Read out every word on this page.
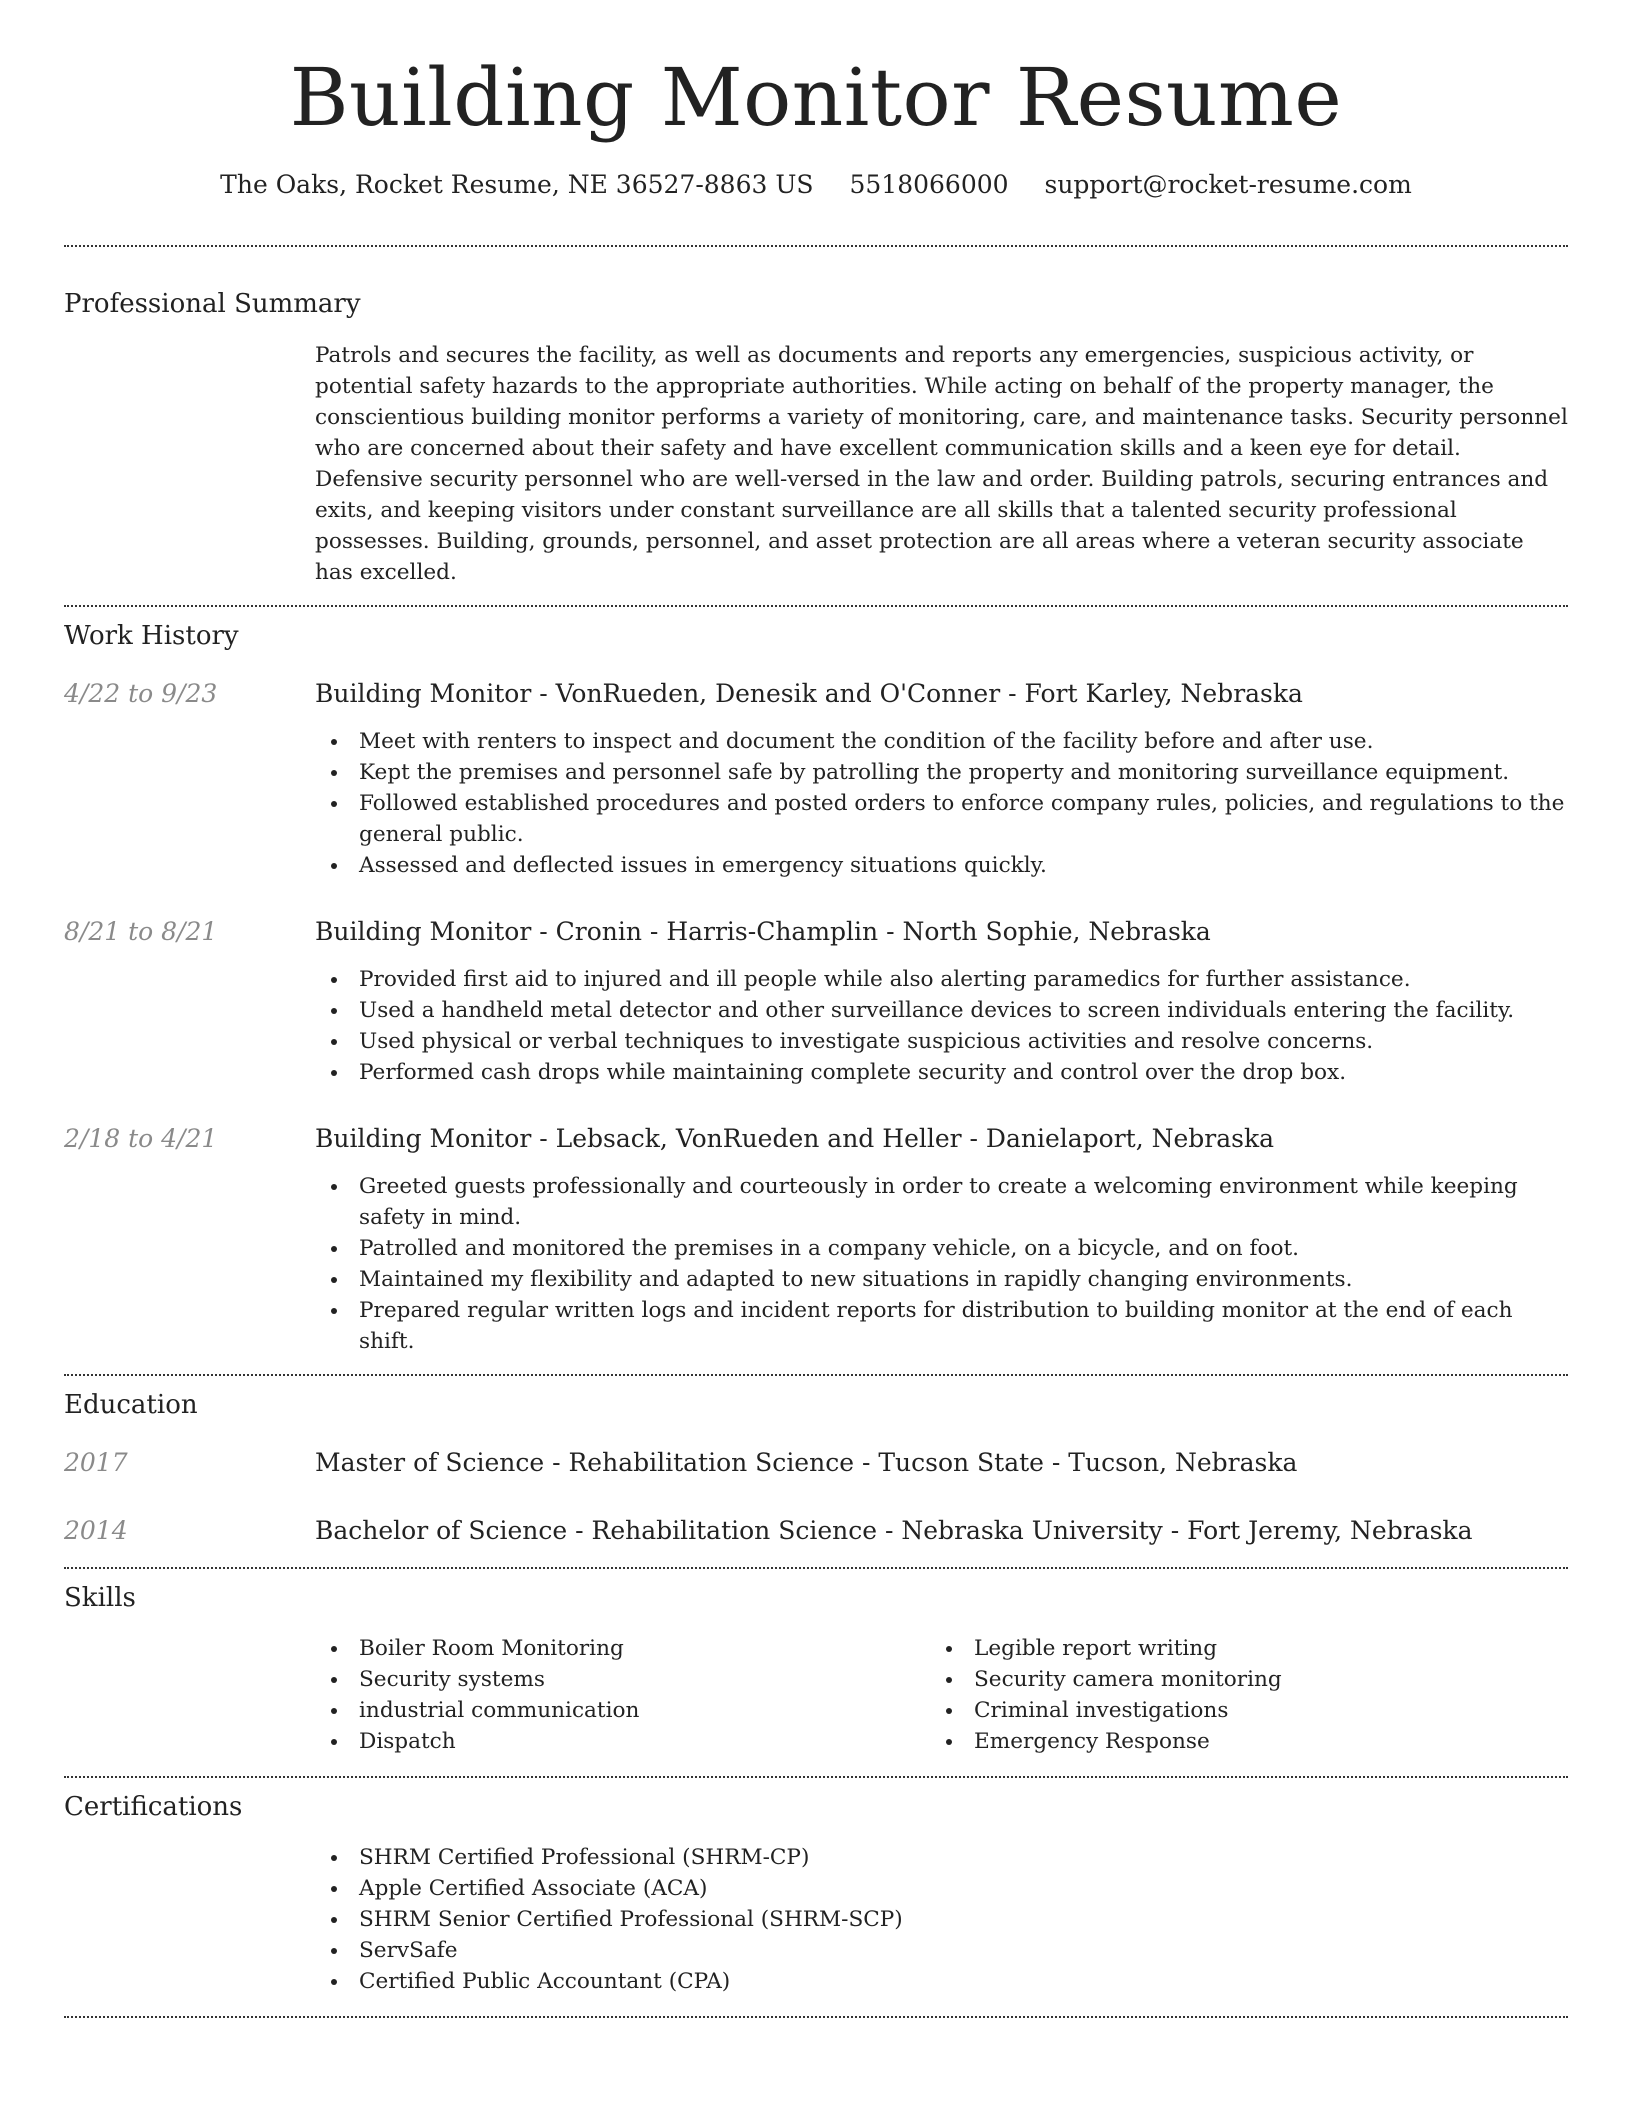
Building Monitor Resume
The Oaks, Rocket Resume, NE 36527-8863 US 5518066000 support@rocket-resume.com
Professional Summary
Patrols and secures the facility, as well as documents and reports any emergencies, suspicious activity, or potential safety hazards to the appropriate authorities. While acting on behalf of the property manager, the conscientious building monitor performs a variety of monitoring, care, and maintenance tasks. Security personnel who are concerned about their safety and have excellent communication skills and a keen eye for detail. Defensive security personnel who are well-versed in the law and order. Building patrols, securing entrances and exits, and keeping visitors under constant surveillance are all skills that a talented security professional possesses. Building, grounds, personnel, and asset protection are all areas where a veteran security associate has excelled.
Work History
4/22 to 9/23	Building Monitor - VonRueden, Denesik and O'Conner - Fort Karley, Nebraska
Meet with renters to inspect and document the condition of the facility before and after use.
Kept the premises and personnel safe by patrolling the property and monitoring surveillance equipment.
Followed established procedures and posted orders to enforce company rules, policies, and regulations to the general public.
Assessed and deflected issues in emergency situations quickly.
8/21 to 8/21	Building Monitor - Cronin - Harris-Champlin - North Sophie, Nebraska
Provided first aid to injured and ill people while also alerting paramedics for further assistance.
Used a handheld metal detector and other surveillance devices to screen individuals entering the facility.
Used physical or verbal techniques to investigate suspicious activities and resolve concerns.
Performed cash drops while maintaining complete security and control over the drop box.
2/18 to 4/21	Building Monitor - Lebsack, VonRueden and Heller - Danielaport, Nebraska
Greeted guests professionally and courteously in order to create a welcoming environment while keeping safety in mind.
Patrolled and monitored the premises in a company vehicle, on a bicycle, and on foot.
Maintained my flexibility and adapted to new situations in rapidly changing environments.
Prepared regular written logs and incident reports for distribution to building monitor at the end of each shift.
Education
2017	Master of Science - Rehabilitation Science - Tucson State - Tucson, Nebraska
2014	Bachelor of Science - Rehabilitation Science - Nebraska University - Fort Jeremy, Nebraska
Skills
Boiler Room Monitoring
Security systems
industrial communication
Dispatch
Legible report writing
Security camera monitoring
Criminal investigations
Emergency Response
Certifications
SHRM Certified Professional (SHRM-CP)
Apple Certified Associate (ACA)
SHRM Senior Certified Professional (SHRM-SCP)
ServSafe
Certified Public Accountant (CPA)
